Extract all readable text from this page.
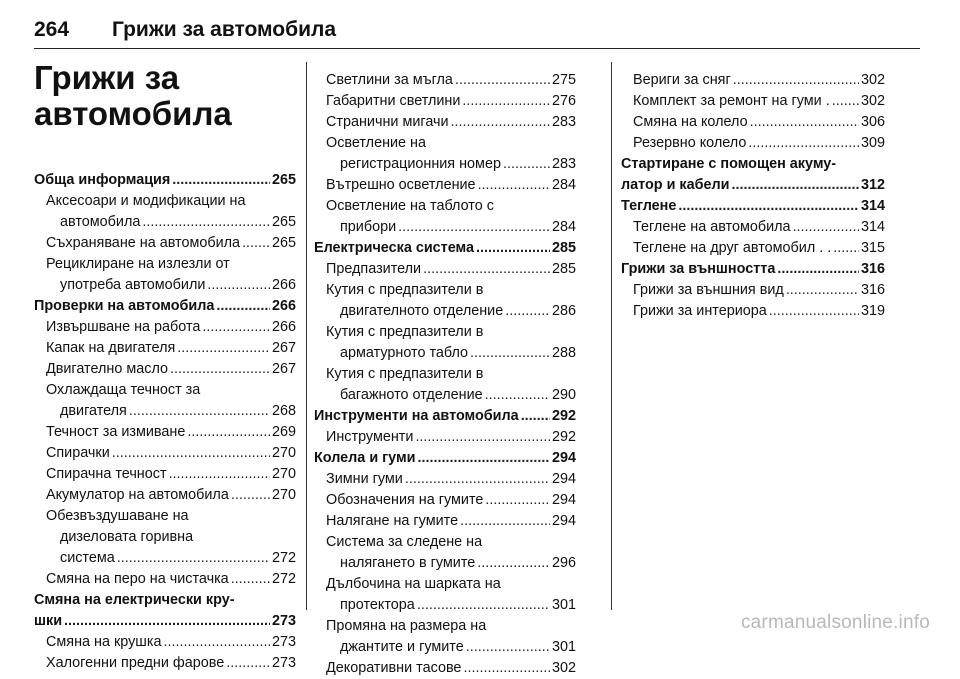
264 Грижи за автомобила
Грижи за
автомобила
Обща информация .....	265
Аксесоари и модификации на
автомобила .....	265
Съхраняване на автомобила ..... 265
Рециклиране на излезли от
употреба автомобили .....	266
Проверки на автомобила .....	266
Извършване на работа .....	266
Капак на двигателя .....	267
Двигателно масло .....	267
Охлаждаща течност за
двигателя .....	268
Течност за измиване .....	269
Спирачки .....	270
Спирачна течност .....	270
Акумулатор на автомобила .....	270
Обезвъздушаване на
дизеловата горивна
система .....	272
Смяна на перо на чистачка .....	272
Смяна на електрически кру-
шки .....	273
Смяна на крушка .....	273
Халогенни предни фарове .....	273
Светлини за мъгла .....	275
Габаритни светлини .....	276
Странични мигачи .....	283
Осветление на
регистрационния номер .....	283
Вътрешно осветление .....	284
Осветление на таблото с
прибори .....	284
Електрическа система .....	285
Предпазители .....	285
Кутия с предпазители в
двигателното отделение .....	286
Кутия с предпазители в
арматурното табло .....	288
Кутия с предпазители в
багажното отделение .....	290
Инструменти на автомобила ..... 292
Инструменти .....	292
Колела и гуми .....	294
Зимни гуми .....	294
Обозначения на гумите .....	294
Налягане на гумите .....	294
Система за следене на
налягането в гумите .....	296
Дълбочина на шарката на
протектора .....	301
Промяна на размера на
джантите и гумите .....	301
Декоративни тасове .....	302
Вериги за сняг .....	302
Комплект за ремонт на гуми . ..... 302
Смяна на колело .....	306
Резервно колело .....	309
Стартиране с помощен акуму-
латор и кабели .....	312
Теглене .....	314
Теглене на автомобила .....	314
Теглене на друг автомобил . . ..... 315
Грижи за външността .....	316
Грижи за външния вид .....	316
Грижи за интериора .....	319
carmanualsonline.info
